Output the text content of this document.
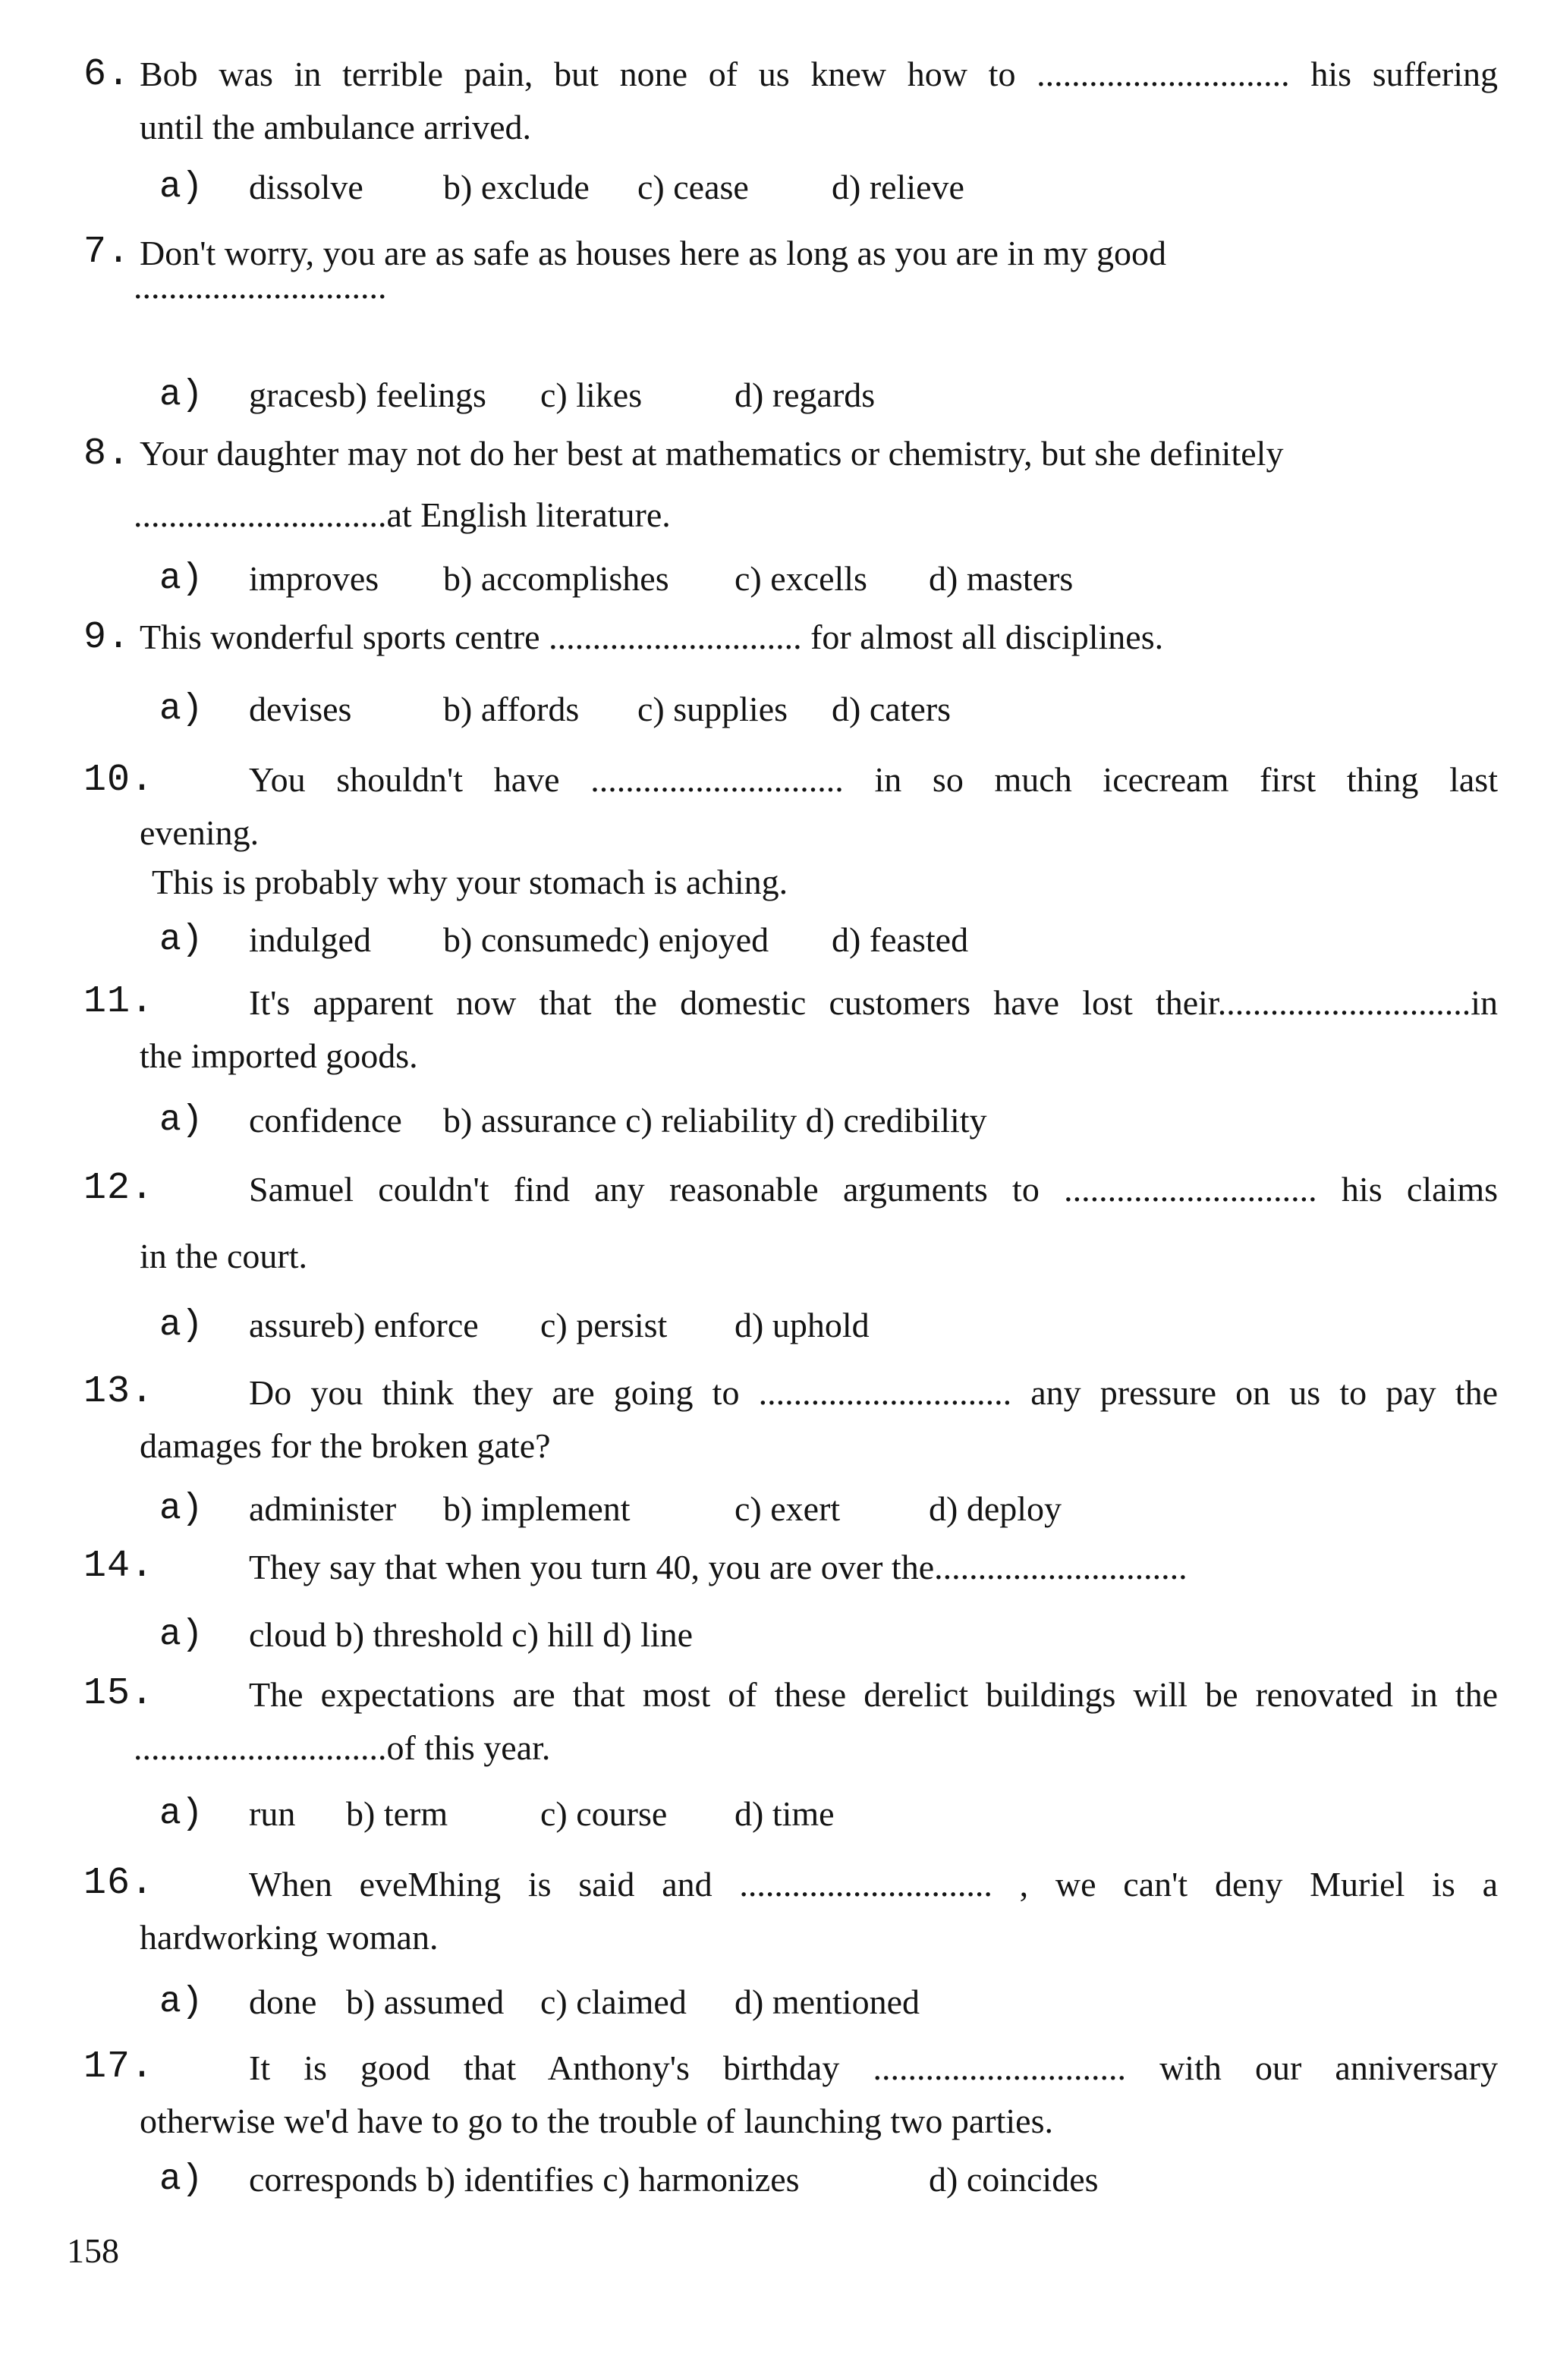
6. Bob was in terrible pain, but none of us knew how to ............................. his suffering
until the ambulance arrived.
a) dissolve b) exclude c) cease d) relieve
7. Don't worry, you are as safe as houses here as long as you are in my good
.............................
a) gracesb) feelings c) likes	d) regards
8. Your daughter may not do her best at mathematics or chemistry, but she definitely
.............................at English literature.
a) improves b) accomplishes c) excells d) masters
9. This wonderful sports centre ............................. for almost all disciplines.
a) devises	b) affords c) supplies d) caters
10.	You shouldn't have ............................. in so much icecream first thing last
evening.
This is probably why your stomach is aching.
a) indulged b) consumedc) enjoyed d) feasted
11.	It's apparent now that the domestic customers have lost their.............................in
the imported goods.
a) confidence b) assurance c) reliability d) credibility
12.	Samuel couldn't find any reasonable arguments to ............................. his claims
in the court.
a) assureb) enforce c) persist d) uphold
13.	Do you think they are going to ............................. any pressure on us to pay the
damages for the broken gate?
a) administer b) implement	c) exert	d) deploy
14.	They say that when you turn 40, you are over the.............................
a) cloud b) threshold c) hill d) line
15.	The expectations are that most of these derelict buildings will be renovated in the
.............................of this year.
a) run b) term	c) course d) time
16.	When eveMhing is said and ............................. , we can't deny Muriel is a
hardworking woman.
a) done b) assumed c) claimed d) mentioned
17.	It is good that Anthony's birthday ............................. with our anniversary
otherwise we'd have to go to the trouble of launching two parties.
a) corresponds b) identifies c) harmonizes	d) coincides
158
